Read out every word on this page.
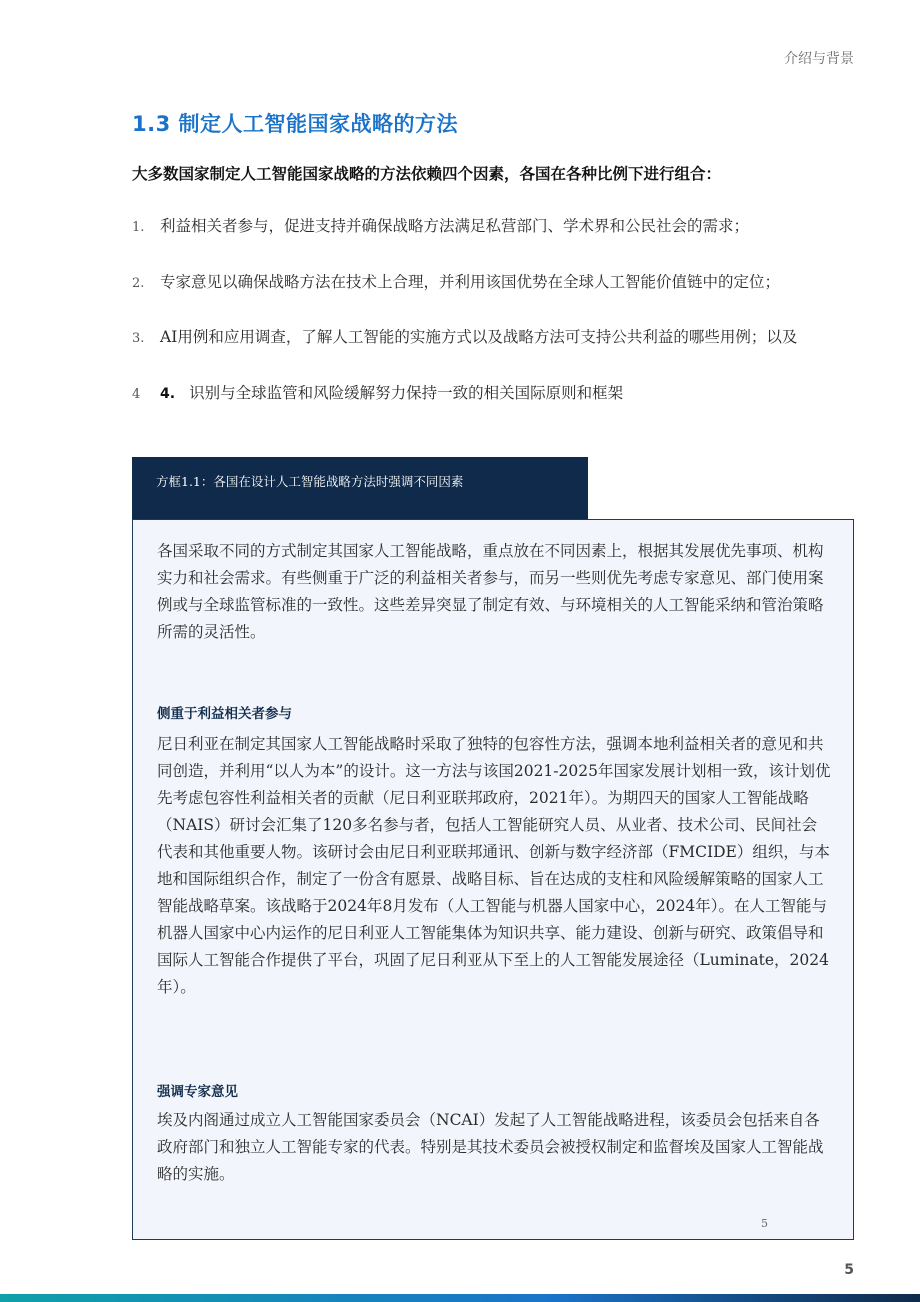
介绍与背景
1.3 制定人工智能国家战略的方法
大多数国家制定人工智能国家战略的方法依赖四个因素，各国在各种比例下进行组合：
1. 利益相关者参与，促进支持并确保战略方法满足私营部门、学术界和公民社会的需求；
2. 专家意见以确保战略方法在技术上合理，并利用该国优势在全球人工智能价值链中的定位；
3. AI用例和应用调查，了解人工智能的实施方式以及战略方法可支持公共利益的哪些用例；以及
4 4. 识别与全球监管和风险缓解努力保持一致的相关国际原则和框架
方框1.1：各国在设计人工智能战略方法时强调不同因素
各国采取不同的方式制定其国家人工智能战略，重点放在不同因素上，根据其发展优先事项、机构实力和社会需求。有些侧重于广泛的利益相关者参与，而另一些则优先考虑专家意见、部门使用案例或与全球监管标准的一致性。这些差异突显了制定有效、与环境相关的人工智能采纳和管治策略所需的灵活性。
侧重于利益相关者参与
尼日利亚在制定其国家人工智能战略时采取了独特的包容性方法，强调本地利益相关者的意见和共同创造，并利用“以人为本”的设计。这一方法与该国2021-2025年国家发展计划相一致，该计划优先考虑包容性利益相关者的贡献（尼日利亚联邦政府，2021年）。为期四天的国家人工智能战略（NAIS）研讨会汇集了120多名参与者，包括人工智能研究人员、从业者、技术公司、民间社会代表和其他重要人物。该研讨会由尼日利亚联邦通讯、创新与数字经济部（FMCIDE）组织，与本地和国际组织合作，制定了一份含有愿景、战略目标、旨在达成的支柱和风险缓解策略的国家人工智能战略草案。该战略于2024年8月发布（人工智能与机器人国家中心，2024年）。在人工智能与机器人国家中心内运作的尼日利亚人工智能集体为知识共享、能力建设、创新与研究、政策倡导和国际人工智能合作提供了平台，巩固了尼日利亚从下至上的人工智能发展途径（Luminate，2024年）。
强调专家意见
埃及内阁通过成立人工智能国家委员会（NCAI）发起了人工智能战略进程，该委员会包括来自各政府部门和独立人工智能专家的代表。特别是其技术委员会被授权制定和监督埃及国家人工智能战略的实施。
5
5
